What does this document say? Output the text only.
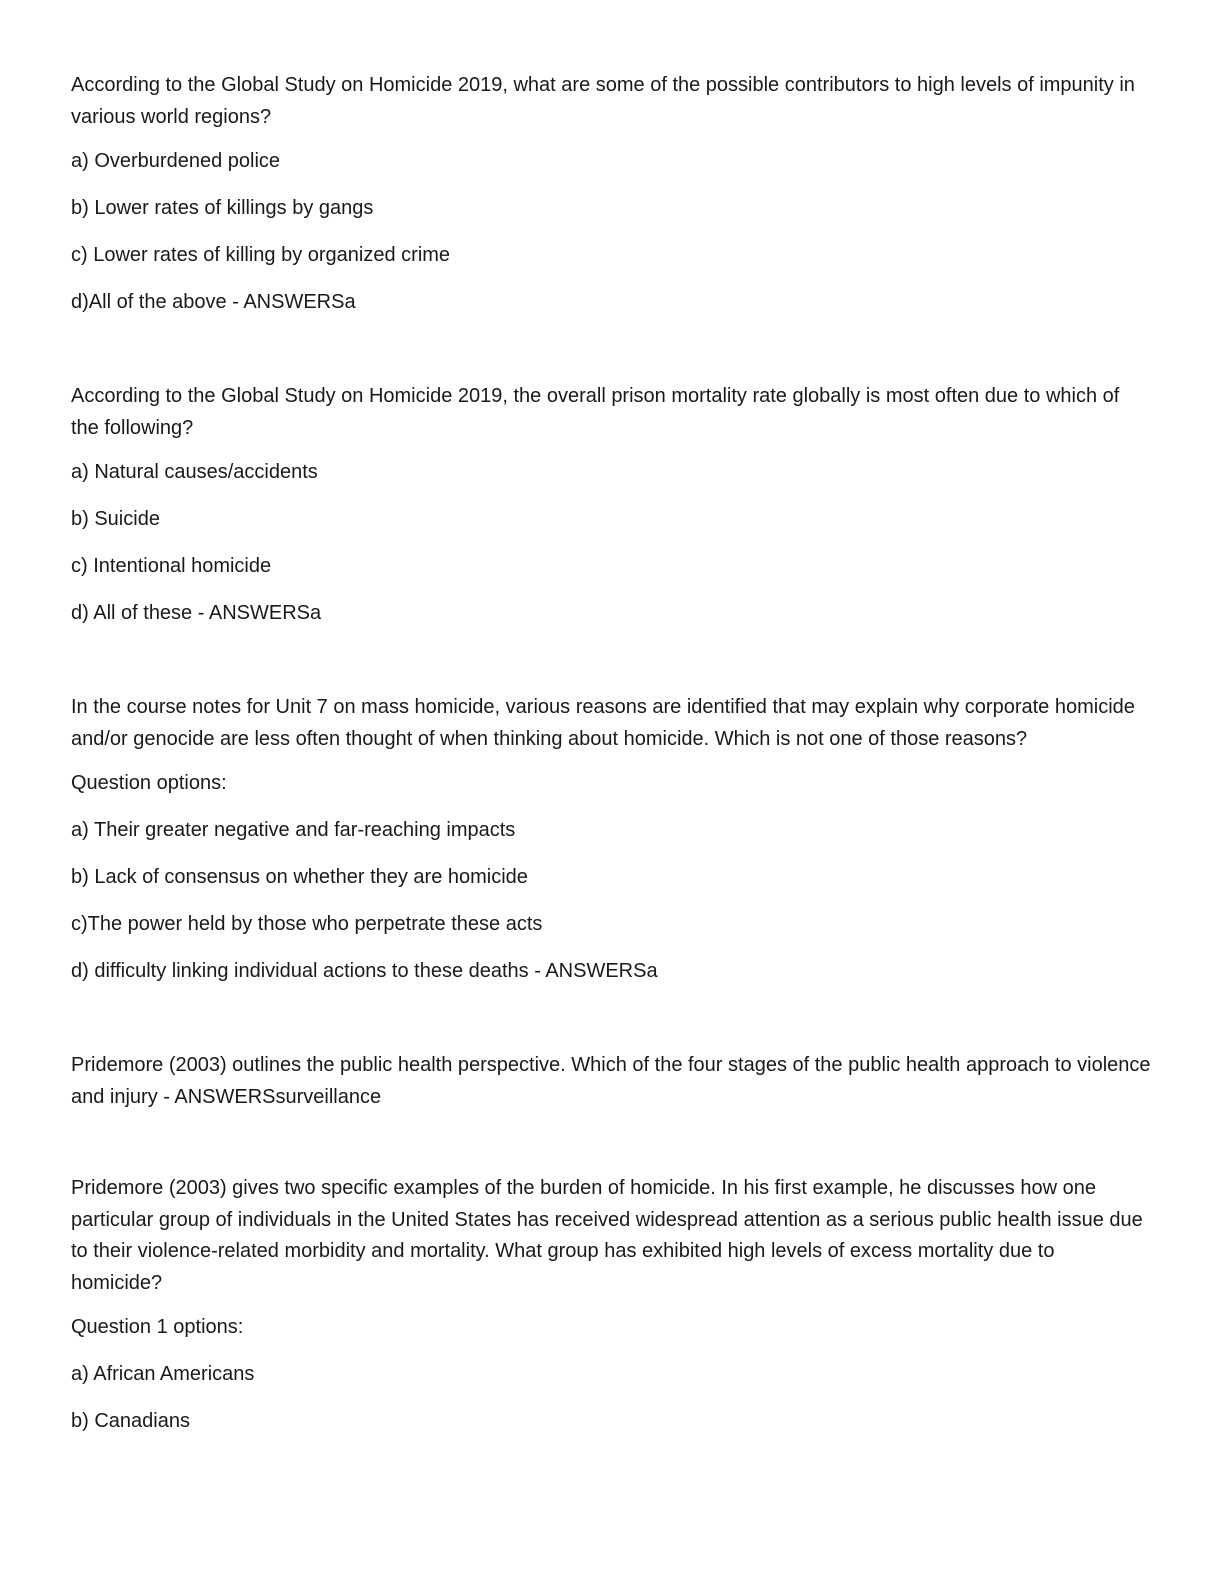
According to the Global Study on Homicide 2019, what are some of the possible contributors to high levels of impunity in various world regions?

a) Overburdened police

b) Lower rates of killings by gangs

c) Lower rates of killing by organized crime

d)All of the above - ANSWERSa

According to the Global Study on Homicide 2019, the overall prison mortality rate globally is most often due to which of the following?

a) Natural causes/accidents

b) Suicide

c) Intentional homicide

d) All of these - ANSWERSa

In the course notes for Unit 7 on mass homicide, various reasons are identified that may explain why corporate homicide and/or genocide are less often thought of when thinking about homicide. Which is not one of those reasons?

Question options:

a) Their greater negative and far-reaching impacts

b) Lack of consensus on whether they are homicide

c)The power held by those who perpetrate these acts

d) difficulty linking individual actions to these deaths - ANSWERSa

Pridemore (2003) outlines the public health perspective. Which of the four stages of the public health approach to violence and injury - ANSWERSsurveillance

Pridemore (2003) gives two specific examples of the burden of homicide. In his first example, he discusses how one particular group of individuals in the United States has received widespread attention as a serious public health issue due to their violence-related morbidity and mortality. What group has exhibited high levels of excess mortality due to homicide?

Question 1 options:

a) African Americans

b) Canadians
